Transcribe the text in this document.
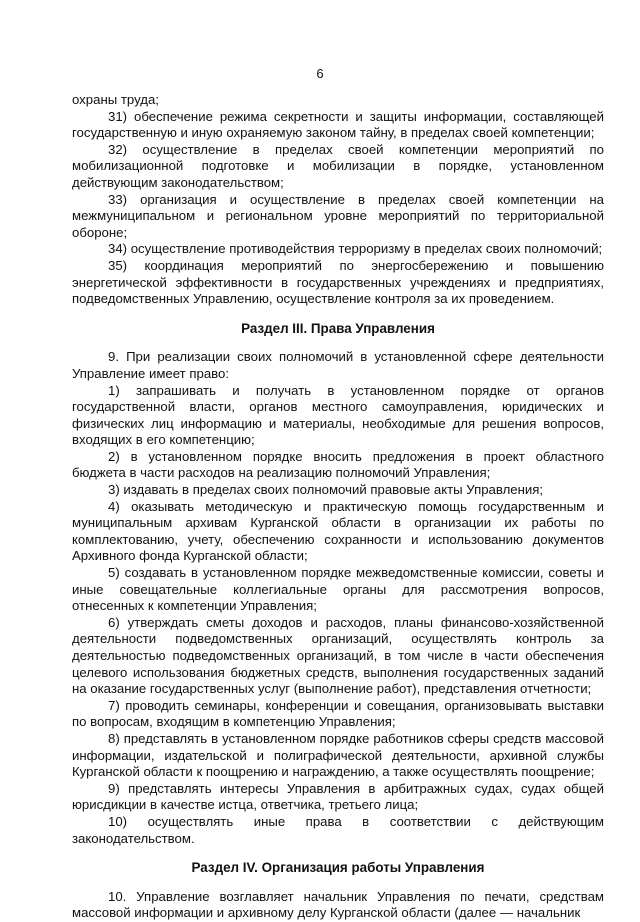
6

охраны труда;

31) обеспечение режима секретности и защиты информации, составляющей государственную и иную охраняемую законом тайну, в пределах своей компетенции;

32) осуществление в пределах своей компетенции мероприятий по мобилизационной подготовке и мобилизации в порядке, установленном действующим законодательством;

33) организация и осуществление в пределах своей компетенции на межмуниципальном и региональном уровне мероприятий по территориальной обороне;

34) осуществление противодействия терроризму в пределах своих полномочий;

35) координация мероприятий по энергосбережению и повышению энергетической эффективности в государственных учреждениях и предприятиях, подведомственных Управлению, осуществление контроля за их проведением.

Раздел III. Права Управления

9. При реализации своих полномочий в установленной сфере деятельности Управление имеет право:

1) запрашивать и получать в установленном порядке от органов государственной власти, органов местного самоуправления, юридических и физических лиц информацию и материалы, необходимые для решения вопросов, входящих в его компетенцию;

2) в установленном порядке вносить предложения в проект областного бюджета в части расходов на реализацию полномочий Управления;

3) издавать в пределах своих полномочий правовые акты Управления;

4) оказывать методическую и практическую помощь государственным и муниципальным архивам Курганской области в организации их работы по комплектованию, учету, обеспечению сохранности и использованию документов Архивного фонда Курганской области;

5) создавать в установленном порядке межведомственные комиссии, советы и иные совещательные коллегиальные органы для рассмотрения вопросов, отнесенных к компетенции Управления;

6) утверждать сметы доходов и расходов, планы финансово-хозяйственной деятельности подведомственных организаций, осуществлять контроль за деятельностью подведомственных организаций, в том числе в части обеспечения целевого использования бюджетных средств, выполнения государственных заданий на оказание государственных услуг (выполнение работ), представления отчетности;

7) проводить семинары, конференции и совещания, организовывать выставки по вопросам, входящим в компетенцию Управления;

8) представлять в установленном порядке работников сферы средств массовой информации, издательской и полиграфической деятельности, архивной службы Курганской области к поощрению и награждению, а также осуществлять поощрение;

9) представлять интересы Управления в арбитражных судах, судах общей юрисдикции в качестве истца, ответчика, третьего лица;

10) осуществлять иные права в соответствии с действующим законодательством.

Раздел IV. Организация работы Управления

10. Управление возглавляет начальник Управления по печати, средствам массовой информации и архивному делу Курганской области (далее — начальник
